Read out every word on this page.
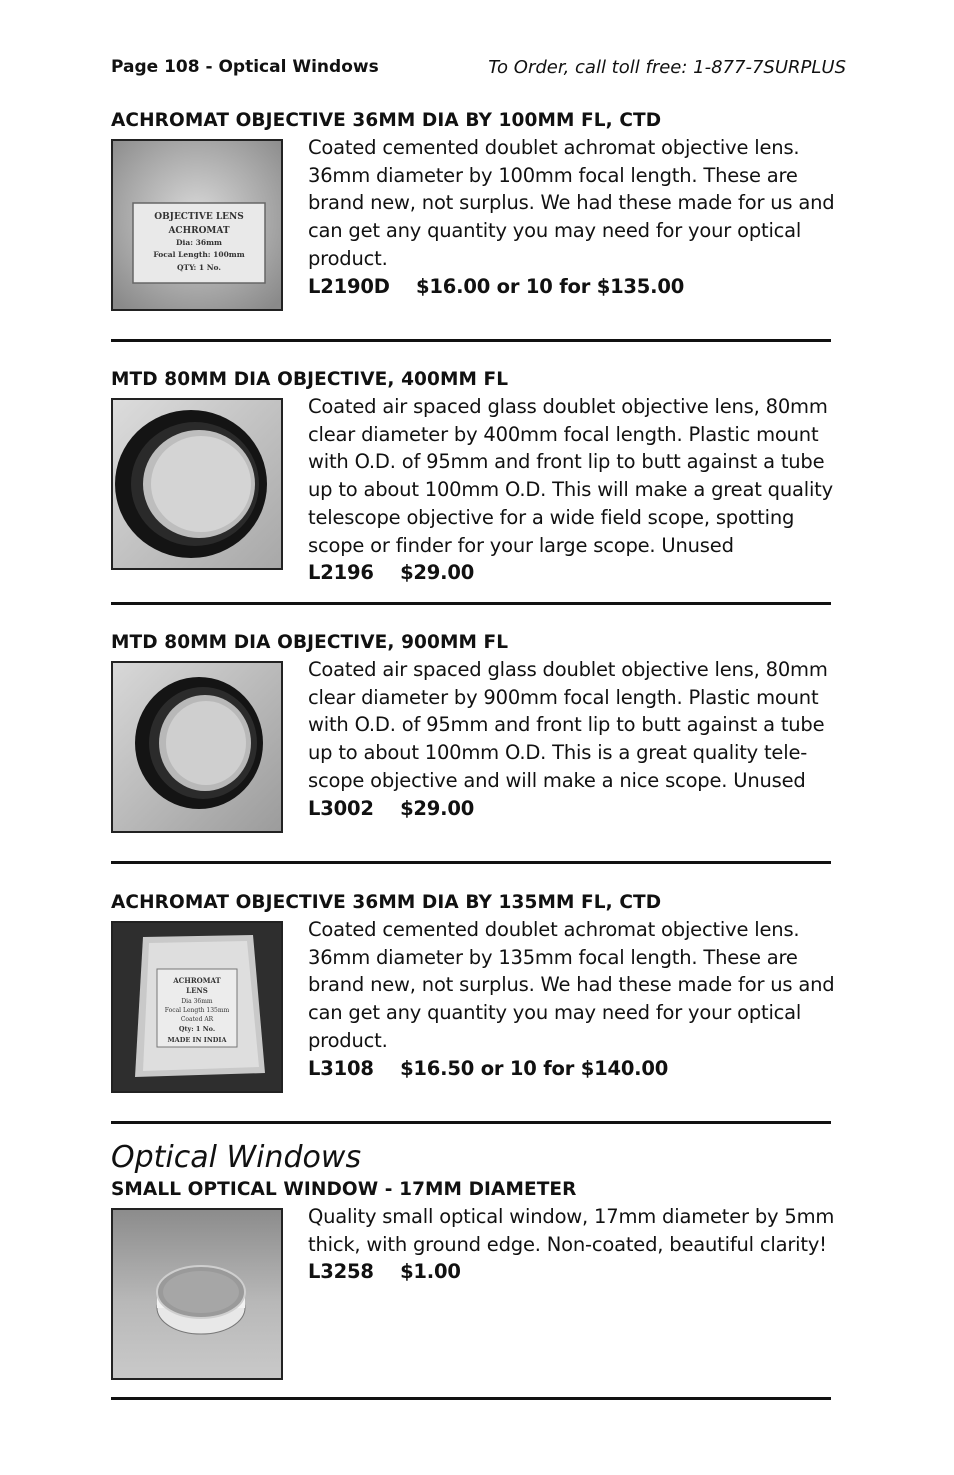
Page 108 - Optical Windows	To Order, call toll free: 1-877-7SURPLUS
ACHROMAT OBJECTIVE 36MM DIA BY 100MM FL, CTD
OBJECTIVE LENS
ACHROMAT
Dia: 36mm
Focal Length: 100mm
QTY: 1 No.
Coated cemented doublet achromat objective lens. 36mm diameter by 100mm focal length. These are brand new, not surplus. We had these made for us and can get any quantity you may need for your optical product.
L2190D $16.00 or 10 for $135.00
MTD 80MM DIA OBJECTIVE, 400MM FL
Coated air spaced glass doublet objective lens, 80mm clear diameter by 400mm focal length. Plastic mount with O.D. of 95mm and front lip to butt against a tube up to about 100mm O.D. This will make a great quality telescope objective for a wide field scope, spotting scope or finder for your large scope. Unused
L2196 $29.00
MTD 80MM DIA OBJECTIVE, 900MM FL
Coated air spaced glass doublet objective lens, 80mm clear diameter by 900mm focal length. Plastic mount with O.D. of 95mm and front lip to butt against a tube up to about 100mm O.D. This is a great quality tele-scope objective and will make a nice scope. Unused
L3002 $29.00
ACHROMAT OBJECTIVE 36MM DIA BY 135MM FL, CTD
ACHROMAT
LENS
Dia 36mm
Focal Length 135mm
Coated AR
Qty: 1 No.
MADE IN INDIA
Coated cemented doublet achromat objective lens. 36mm diameter by 135mm focal length. These are brand new, not surplus. We had these made for us and can get any quantity you may need for your optical product.
L3108 $16.50 or 10 for $140.00
Optical Windows
SMALL OPTICAL WINDOW - 17MM DIAMETER
Quality small optical window, 17mm diameter by 5mm thick, with ground edge. Non-coated, beautiful clarity!
L3258 $1.00
